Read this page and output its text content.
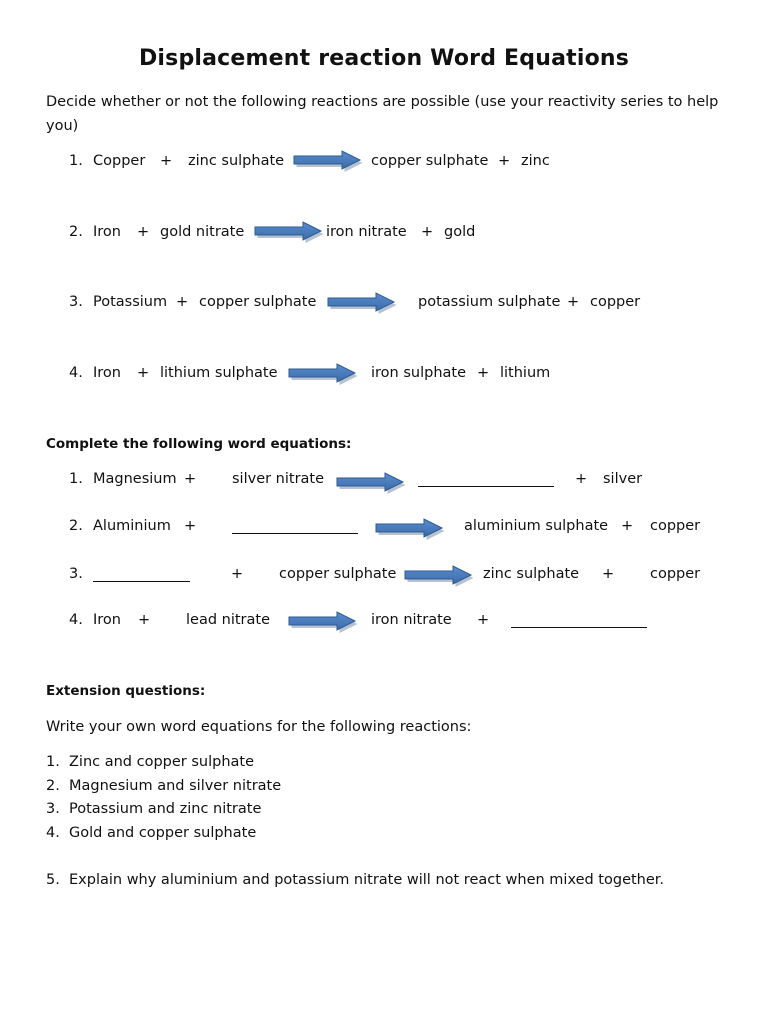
Displacement reaction Word Equations
Decide whether or not the following reactions are possible (use your reactivity series to help you)
1. Copper + zinc sulphate	copper sulphate + zinc
2. Iron + gold nitrate	iron nitrate + gold
3. Potassium + copper sulphate	potassium sulphate + copper
4. Iron + lithium sulphate	iron sulphate + lithium
Complete the following word equations:
1. Magnesium + silver nitrate	+ silver
2. Aluminium +	aluminium sulphate + copper
3.	+ copper sulphate	zinc sulphate + copper
4. Iron + lead nitrate	iron nitrate +
Extension questions:
Write your own word equations for the following reactions:
1. Zinc and copper sulphate
2. Magnesium and silver nitrate
3. Potassium and zinc nitrate
4. Gold and copper sulphate
5. Explain why aluminium and potassium nitrate will not react when mixed together.
